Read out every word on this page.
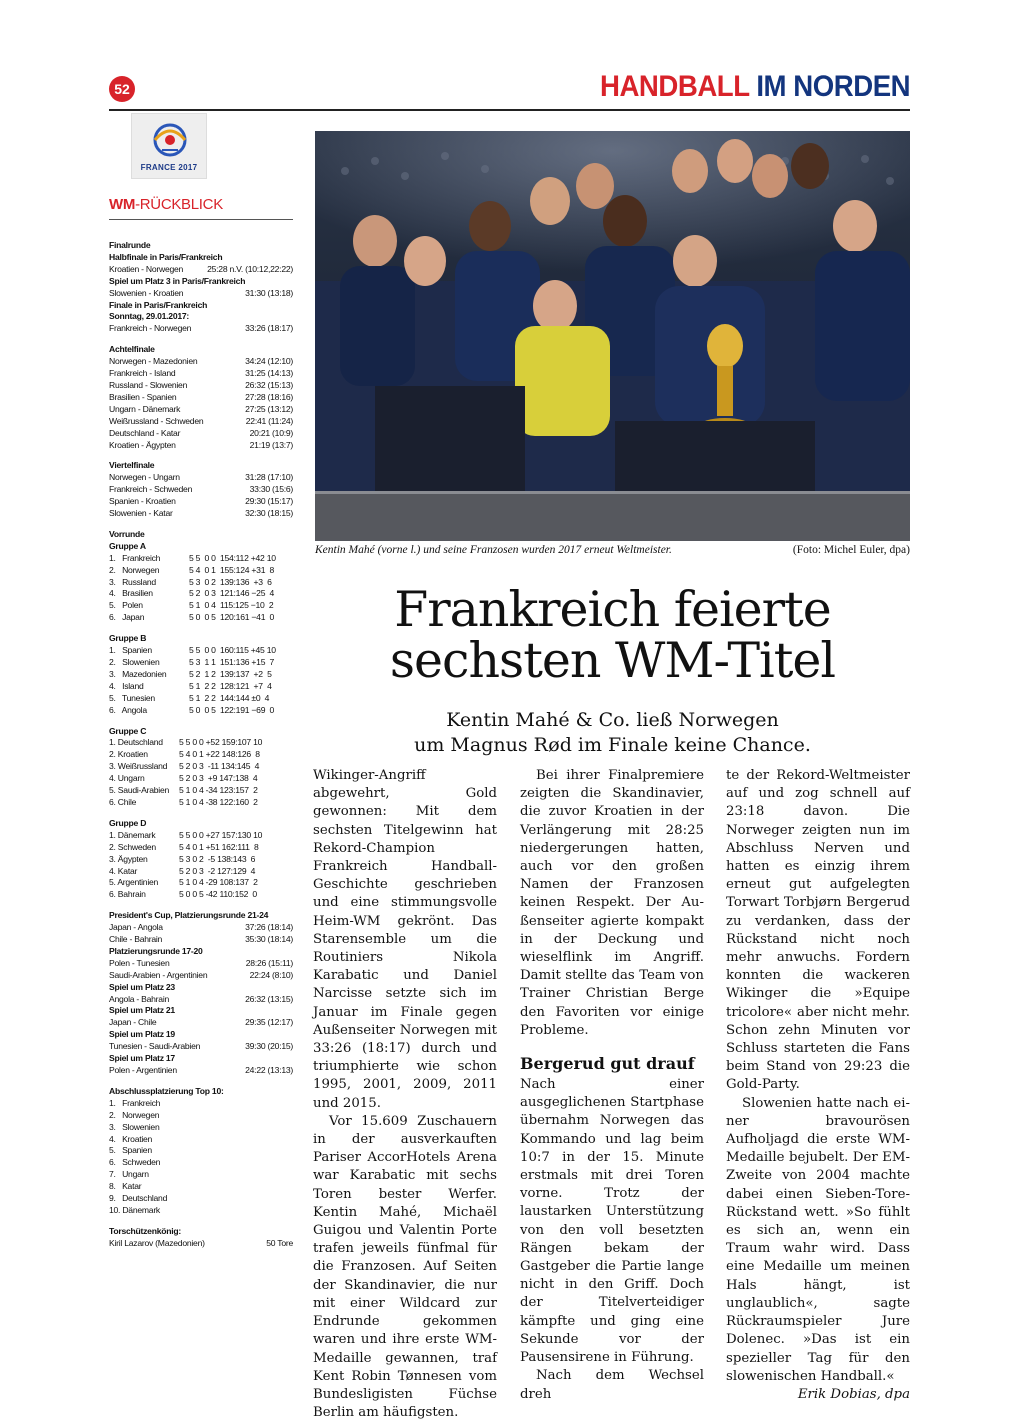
52	HANDBALL IM NORDEN
FRANCE 2017
WM-RÜCKBLICK
Finalrunde
Halbfinale in Paris/Frankreich
Kroatien - Norwegen	25:28 n.V. (10:12,22:22)
Spiel um Platz 3 in Paris/Frankreich
Slowenien - Kroatien	31:30 (13:18)
Finale in Paris/Frankreich
Sonntag, 29.01.2017:
Frankreich - Norwegen	33:26 (18:17)
Achtelfinale
Norwegen - Mazedonien	34:24 (12:10)
Frankreich - Island	31:25 (14:13)
Russland - Slowenien	26:32 (15:13)
Brasilien - Spanien	27:28 (18:16)
Ungarn - Dänemark	27:25 (13:12)
Weißrussland - Schweden	22:41 (11:24)
Deutschland - Katar	20:21 (10:9)
Kroatien - Ägypten	21:19 (13:7)
Viertelfinale
Norwegen - Ungarn	31:28 (17:10)
Frankreich - Schweden	33:30 (15:6)
Spanien - Kroatien	29:30 (15:17)
Slowenien - Katar	32:30 (18:15)
Vorrunde
Gruppe A
1.   Frankreich	5 5  0 0  154:112 +42 10
2.   Norwegen	5 4  0 1  155:124 +31  8
3.   Russland	5 3  0 2  139:136  +3  6
4.   Brasilien	5 2  0 3  121:146 −25  4
5.   Polen	5 1  0 4  115:125 −10  2
6.   Japan	5 0  0 5  120:161 −41  0
Gruppe B
1.   Spanien	5 5  0 0  160:115 +45 10
2.   Slowenien	5 3  1 1  151:136 +15  7
3.   Mazedonien	5 2  1 2  139:137  +2  5
4.   Island	5 1  2 2  128:121  +7  4
5.   Tunesien	5 1  2 2  144:144 ±0  4
6.   Angola	5 0  0 5  122:191 −69  0
Gruppe C
1. Deutschland	5 5 0 0 +52 159:107 10
2. Kroatien	5 4 0 1 +22 148:126  8
3. Weißrussland	5 2 0 3  -11 134:145  4
4. Ungarn	5 2 0 3  +9 147:138  4
5. Saudi-Arabien	5 1 0 4 -34 123:157  2
6. Chile	5 1 0 4 -38 122:160  2
Gruppe D
1. Dänemark	5 5 0 0 +27 157:130 10
2. Schweden	5 4 0 1 +51 162:111  8
3. Ägypten	5 3 0 2  -5 138:143  6
4. Katar	5 2 0 3  -2 127:129  4
5. Argentinien	5 1 0 4 -29 108:137  2
6. Bahrain	5 0 0 5 -42 110:152  0
President's Cup, Platzierungsrunde 21-24
Japan - Angola	37:26 (18:14)
Chile - Bahrain	35:30 (18:14)
Platzierungsrunde 17-20
Polen - Tunesien	28:26 (15:11)
Saudi-Arabien - Argentinien	22:24 (8:10)
Spiel um Platz 23
Angola - Bahrain	26:32 (13:15)
Spiel um Platz 21
Japan - Chile	29:35 (12:17)
Spiel um Platz 19
Tunesien - Saudi-Arabien	39:30 (20:15)
Spiel um Platz 17
Polen - Argentinien	24:22 (13:13)
Abschlussplatzierung Top 10:
1.   Frankreich
2.   Norwegen
3.   Slowenien
4.   Kroatien
5.   Spanien
6.   Schweden
7.   Ungarn
8.   Katar
9.   Deutschland
10. Dänemark
Torschützenkönig:
Kiril Lazarov (Mazedonien)	50 Tore
Kentin Mahé (vorne l.) und seine Franzosen wurden 2017 erneut Weltmeister.	(Foto: Michel Euler, dpa)
Frankreich feierte
sechsten WM-Titel
Kentin Mahé & Co. ließ Norwegen
um Magnus Rød im Finale keine Chance.

Wikinger-Angriff abgewehrt, Gold gewonnen: Mit dem sechsten Titelgewinn hat Rekord-Champion Frankreich Handball-Geschichte geschrieben und eine stimmungsvolle Heim-WM gekrönt. Das Starensemble um die Routiniers Nikola Karabatic und Daniel Narcisse setzte sich im Januar im Finale gegen Außenseiter Norwegen mit 33:26 (18:17) durch und triumphierte wie schon 1995, 2001, 2009, 2011 und 2015.

Vor 15.609 Zuschauern in der ausverkauften Pariser AccorHotels Arena war Karabatic mit sechs Toren bester Werfer. Kentin Mahé, Michaël Guigou und Valentin Porte trafen jeweils fünfmal für die Franzosen. Auf Seiten der Skandinavier, die nur mit einer Wildcard zur Endrunde gekommen waren und ihre erste WM-Medaille gewannen, traf Kent Robin Tønnesen vom Bundesligisten Füchse Berlin am häufigsten.

Bei ihrer Finalpremiere zeigten die Skandinavier, die zuvor Kroatien in der Verlängerung mit 28:25 niedergerungen hatten, auch vor den großen Namen der Franzosen keinen Respekt. Der Außenseiter agierte kompakt in der Deckung und wieselflink im Angriff. Damit stellte das Team von Trainer Christian Berge den Favoriten vor einige Probleme.

Bergerud gut drauf

Nach einer ausgeglichenen Startphase übernahm Norwegen das Kommando und lag beim 10:7 in der 15. Minute erstmals mit drei Toren vorne. Trotz der laustarken Unterstützung von den voll besetzten Rängen bekam der Gastgeber die Partie lange nicht in den Griff. Doch der Titelverteidiger kämpfte und ging eine Sekunde vor der Pausensirene in Führung.

Nach dem Wechsel dreh

te der Rekord-Weltmeister auf und zog schnell auf 23:18 davon. Die Norweger zeigten nun im Abschluss Nerven und hatten es einzig ihrem erneut gut aufgelegten Torwart Torbjørn Bergerud zu verdanken, dass der Rückstand nicht noch mehr anwuchs. Fordern konnten die wackeren Wikinger die »Equipe tricolore« aber nicht mehr. Schon zehn Minuten vor Schluss starteten die Fans beim Stand von 29:23 die Gold-Party.

Slowenien hatte nach einer bravourösen Aufholjagd die erste WM-Medaille bejubelt. Der EM-Zweite von 2004 machte dabei einen Sieben-Tore-Rückstand wett. »So fühlt es sich an, wenn ein Traum wahr wird. Dass eine Medaille um meinen Hals hängt, ist unglaublich«, sagte Rückraumspieler Jure Dolenec. »Das ist ein spezieller Tag für den slowenischen Handball.«
Erik Dobias, dpa
